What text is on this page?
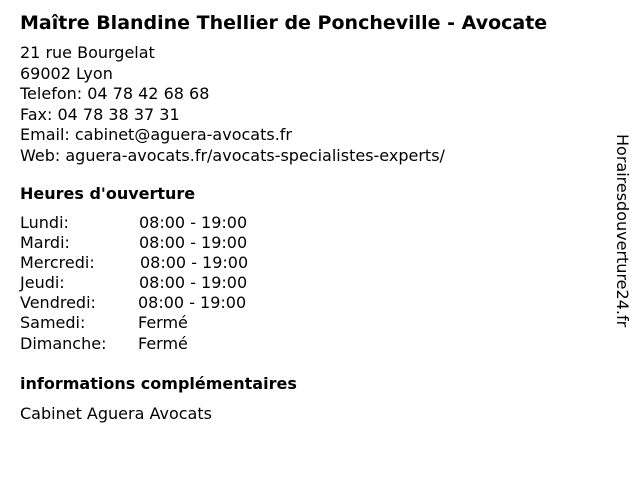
Maître Blandine Thellier de Poncheville - Avocate
21 rue Bourgelat
69002 Lyon
Telefon: 04 78 42 68 68
Fax: 04 78 38 37 31
Email: cabinet@aguera-avocats.fr
Web: aguera-avocats.fr/avocats-specialistes-experts/
Heures d'ouverture
Lundi:	08:00 - 19:00
Mardi:	08:00 - 19:00
Mercredi:	08:00 - 19:00
Jeudi:	08:00 - 19:00
Vendredi:	08:00 - 19:00
Samedi:	Fermé
Dimanche: Fermé
informations complémentaires
Cabinet Aguera Avocats
Horairesdouverture24.fr
